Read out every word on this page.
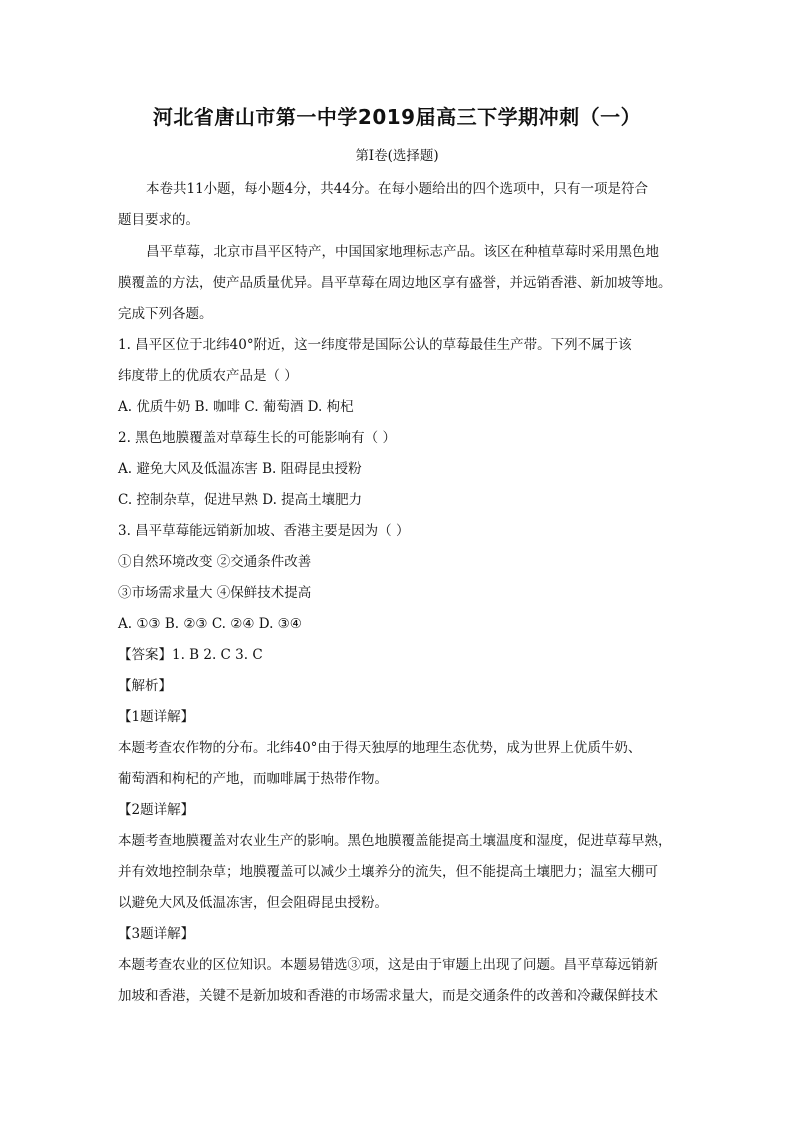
河北省唐山市第一中学2019届高三下学期冲刺（一）
第I卷(选择题)
本卷共11小题，每小题4分，共44分。在每小题给出的四个选项中，只有一项是符合
题目要求的。
昌平草莓，北京市昌平区特产，中国国家地理标志产品。该区在种植草莓时采用黑色地
膜覆盖的方法，使产品质量优异。昌平草莓在周边地区享有盛誉，并远销香港、新加坡等地。
完成下列各题。
1. 昌平区位于北纬40°附近，这一纬度带是国际公认的草莓最佳生产带。下列不属于该
纬度带上的优质农产品是（ ）
A. 优质牛奶 B. 咖啡 C. 葡萄酒 D. 枸杞
2. 黑色地膜覆盖对草莓生长的可能影响有（ ）
A. 避免大风及低温冻害 B. 阻碍昆虫授粉
C. 控制杂草，促进早熟 D. 提高土壤肥力
3. 昌平草莓能远销新加坡、香港主要是因为（ ）
①自然环境改变 ②交通条件改善
③市场需求量大 ④保鲜技术提高
A. ①③ B. ②③ C. ②④ D. ③④
【答案】1. B 2. C 3. C
【解析】
【1题详解】
本题考查农作物的分布。北纬40°由于得天独厚的地理生态优势，成为世界上优质牛奶、
葡萄酒和枸杞的产地，而咖啡属于热带作物。
【2题详解】
本题考查地膜覆盖对农业生产的影响。黑色地膜覆盖能提高土壤温度和湿度，促进草莓早熟，
并有效地控制杂草；地膜覆盖可以减少土壤养分的流失，但不能提高土壤肥力；温室大棚可
以避免大风及低温冻害，但会阻碍昆虫授粉。
【3题详解】
本题考查农业的区位知识。本题易错选③项，这是由于审题上出现了问题。昌平草莓远销新
加坡和香港，关键不是新加坡和香港的市场需求量大，而是交通条件的改善和冷藏保鲜技术
